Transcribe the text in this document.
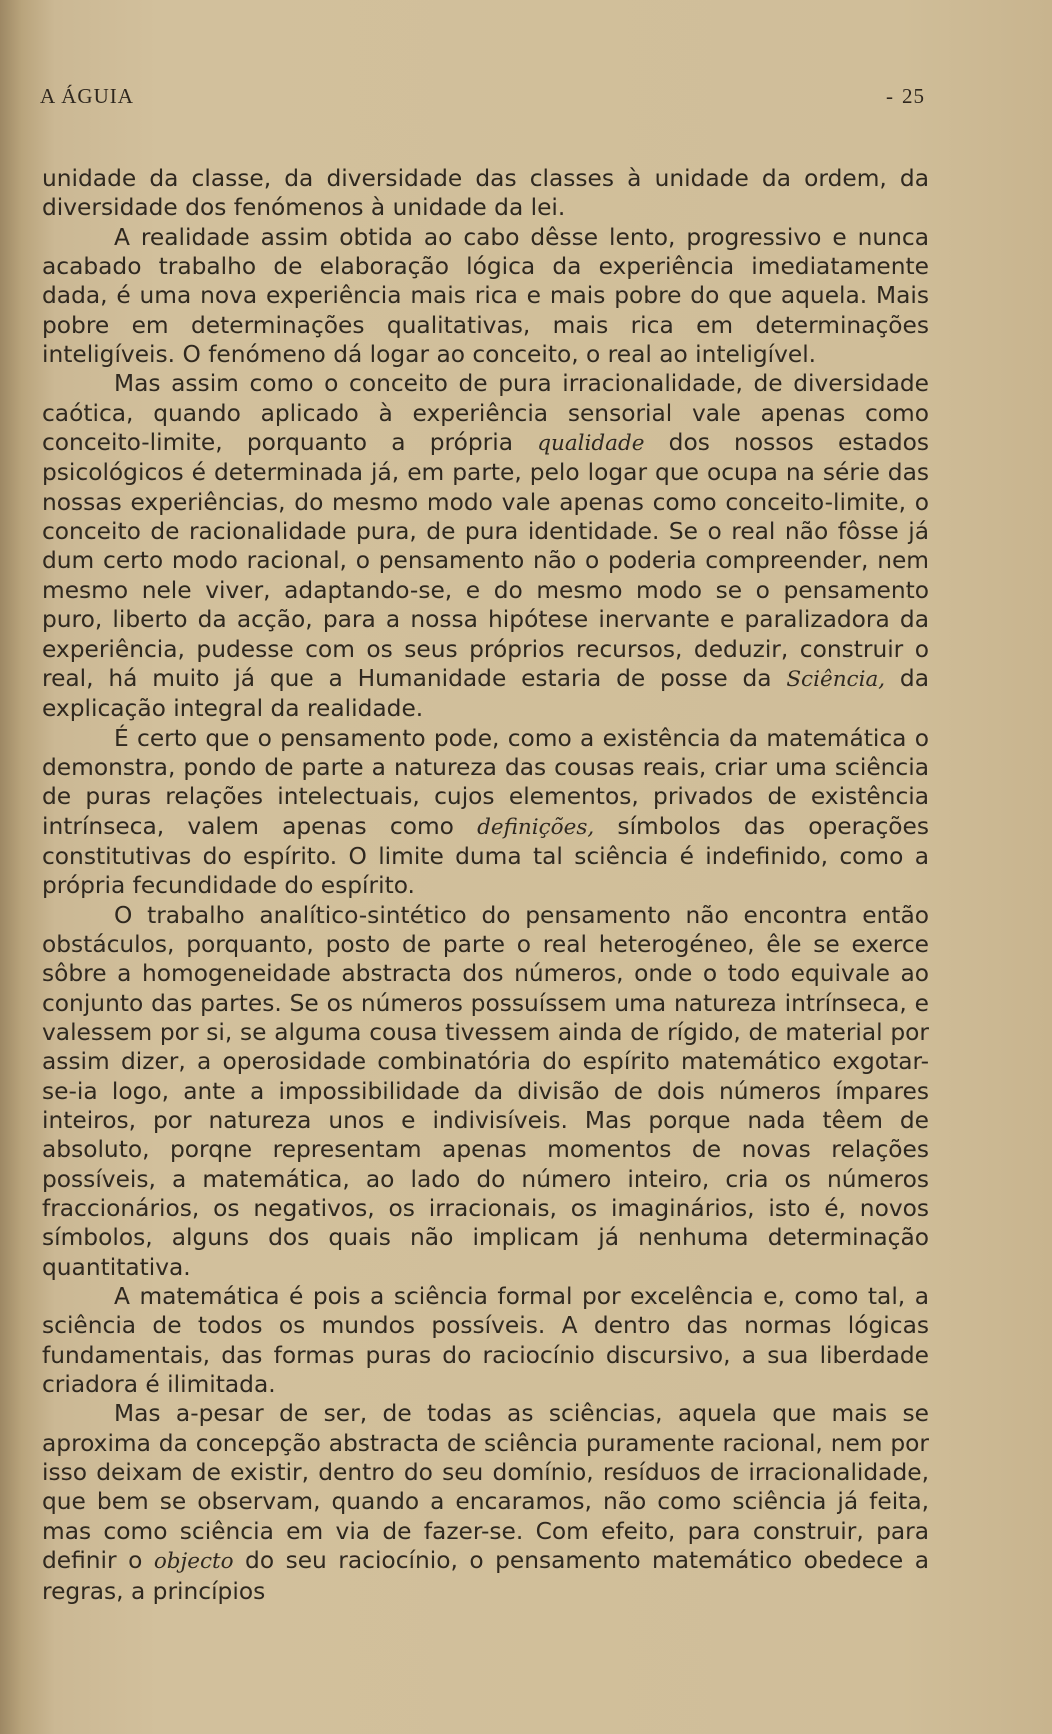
A ÁGUIA	- 25

unidade da classe, da diversidade das classes à unidade da ordem, da diversidade dos fenómenos à unidade da lei.

A realidade assim obtida ao cabo dêsse lento, progressivo e nunca acabado trabalho de elaboração lógica da experiência imediatamente dada, é uma nova experiência mais rica e mais pobre do que aquela. Mais pobre em determinações qualitativas, mais rica em determinações inteligíveis. O fenómeno dá logar ao conceito, o real ao inteligível.

Mas assim como o conceito de pura irracionalidade, de diversidade caótica, quando aplicado à experiência sensorial vale apenas como conceito-limite, porquanto a própria qualidade dos nossos estados psicológicos é determinada já, em parte, pelo logar que ocupa na série das nossas experiências, do mesmo modo vale apenas como conceito-limite, o conceito de racionalidade pura, de pura identidade. Se o real não fôsse já dum certo modo racional, o pensamento não o poderia compreender, nem mesmo nele viver, adaptando-se, e do mesmo modo se o pensamento puro, liberto da acção, para a nossa hipótese inervante e paralizadora da experiência, pudesse com os seus próprios recursos, deduzir, construir o real, há muito já que a Humanidade estaria de posse da Sciência, da explicação integral da realidade.

É certo que o pensamento pode, como a existência da matemática o demonstra, pondo de parte a natureza das cousas reais, criar uma sciência de puras relações intelectuais, cujos elementos, privados de existência intrínseca, valem apenas como definições, símbolos das operações constitutivas do espírito. O limite duma tal sciência é indefinido, como a própria fecundidade do espírito.

O trabalho analítico-sintético do pensamento não encontra então obstáculos, porquanto, posto de parte o real heterogéneo, êle se exerce sôbre a homogeneidade abstracta dos números, onde o todo equivale ao conjunto das partes. Se os números possuíssem uma natureza intrínseca, e valessem por si, se alguma cousa tivessem ainda de rígido, de material por assim dizer, a operosidade combinatória do espírito matemático exgotar-se-ia logo, ante a impossibilidade da divisão de dois números ímpares inteiros, por natureza unos e indivisíveis. Mas porque nada têem de absoluto, porqne representam apenas momentos de novas relações possíveis, a matemática, ao lado do número inteiro, cria os números fraccionários, os negativos, os irracionais, os imaginários, isto é, novos símbolos, alguns dos quais não implicam já nenhuma determinação quantitativa.

A matemática é pois a sciência formal por excelência e, como tal, a sciência de todos os mundos possíveis. A dentro das normas lógicas fundamentais, das formas puras do raciocínio discursivo, a sua liberdade criadora é ilimitada.

Mas a-pesar de ser, de todas as sciências, aquela que mais se aproxima da concepção abstracta de sciência puramente racional, nem por isso deixam de existir, dentro do seu domínio, resíduos de irracionalidade, que bem se observam, quando a encaramos, não como sciência já feita, mas como sciência em via de fazer-se. Com efeito, para construir, para definir o objecto do seu raciocínio, o pensamento matemático obedece a regras, a princípios
